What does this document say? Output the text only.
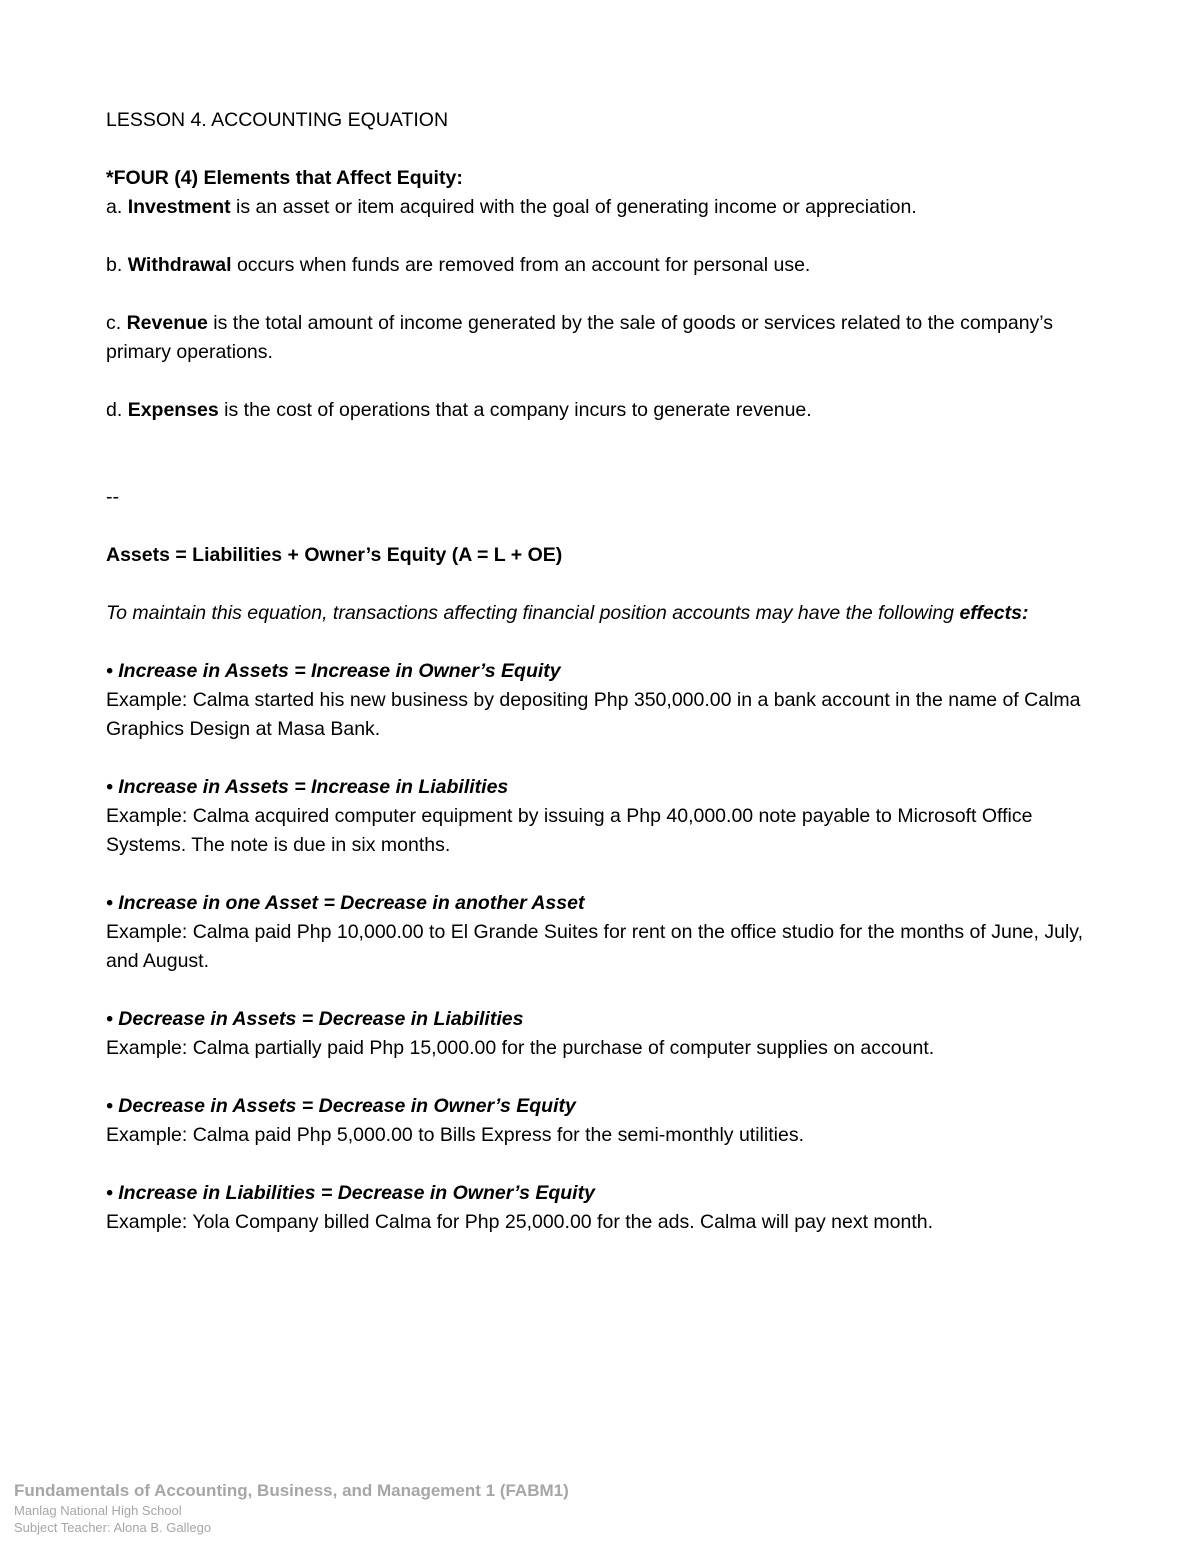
LESSON 4. ACCOUNTING EQUATION

*FOUR (4) Elements that Affect Equity:

a. Investment is an asset or item acquired with the goal of generating income or appreciation.

b. Withdrawal occurs when funds are removed from an account for personal use.

c. Revenue is the total amount of income generated by the sale of goods or services related to the company’s primary operations.

d. Expenses is the cost of operations that a company incurs to generate revenue.

--

Assets = Liabilities + Owner’s Equity (A = L + OE)

To maintain this equation, transactions affecting financial position accounts may have the following effects:

• Increase in Assets = Increase in Owner’s Equity

Example: Calma started his new business by depositing Php 350,000.00 in a bank account in the name of Calma Graphics Design at Masa Bank.

• Increase in Assets = Increase in Liabilities

Example: Calma acquired computer equipment by issuing a Php 40,000.00 note payable to Microsoft Office Systems. The note is due in six months.

• Increase in one Asset = Decrease in another Asset

Example: Calma paid Php 10,000.00 to El Grande Suites for rent on the office studio for the months of June, July, and August.

• Decrease in Assets = Decrease in Liabilities

Example: Calma partially paid Php 15,000.00 for the purchase of computer supplies on account.

• Decrease in Assets = Decrease in Owner’s Equity

Example: Calma paid Php 5,000.00 to Bills Express for the semi-monthly utilities.

• Increase in Liabilities = Decrease in Owner’s Equity

Example: Yola Company billed Calma for Php 25,000.00 for the ads. Calma will pay next month.

Fundamentals of Accounting, Business, and Management 1 (FABM1)
Manlag National High School
Subject Teacher: Alona B. Gallego
